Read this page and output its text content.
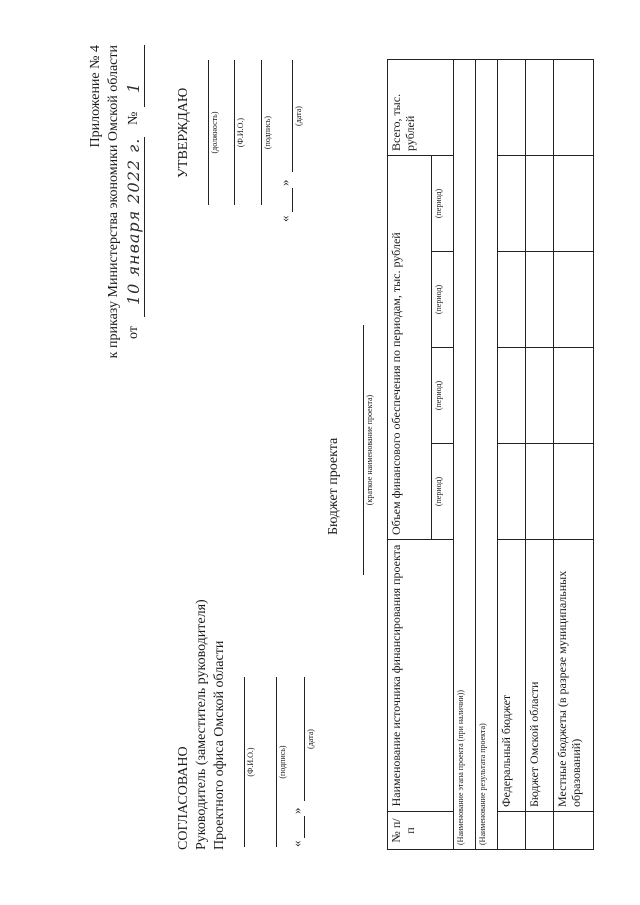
Приложение № 4 к приказу Министерства экономики Омской области от
10 января 2022 г.
№
1
УТВЕРЖДАЮ (должность) (Ф.И.О.) (подпись)
«
»
(дата)
СОГЛАСОВАНО Руководитель (заместитель руководителя) Проектного офиса Омской области (Ф.И.О.)	(подпись)
«
»
(дата)
Бюджет проекта	(краткое наименование проекта)
№ п/п	Наименование источника финансирования проекта	Объем финансового обеспечения по периодам, тыс. рублей				Всего, тыс. рублей
		(период)	(период)	(период)	(период)	
(Наименование этапа проекта (при наличии))						
(Наименование результата проекта)						
	Федеральный бюджет					
	Бюджет Омской области					
	Местные бюджеты (в разрезе муниципальных образований)					
